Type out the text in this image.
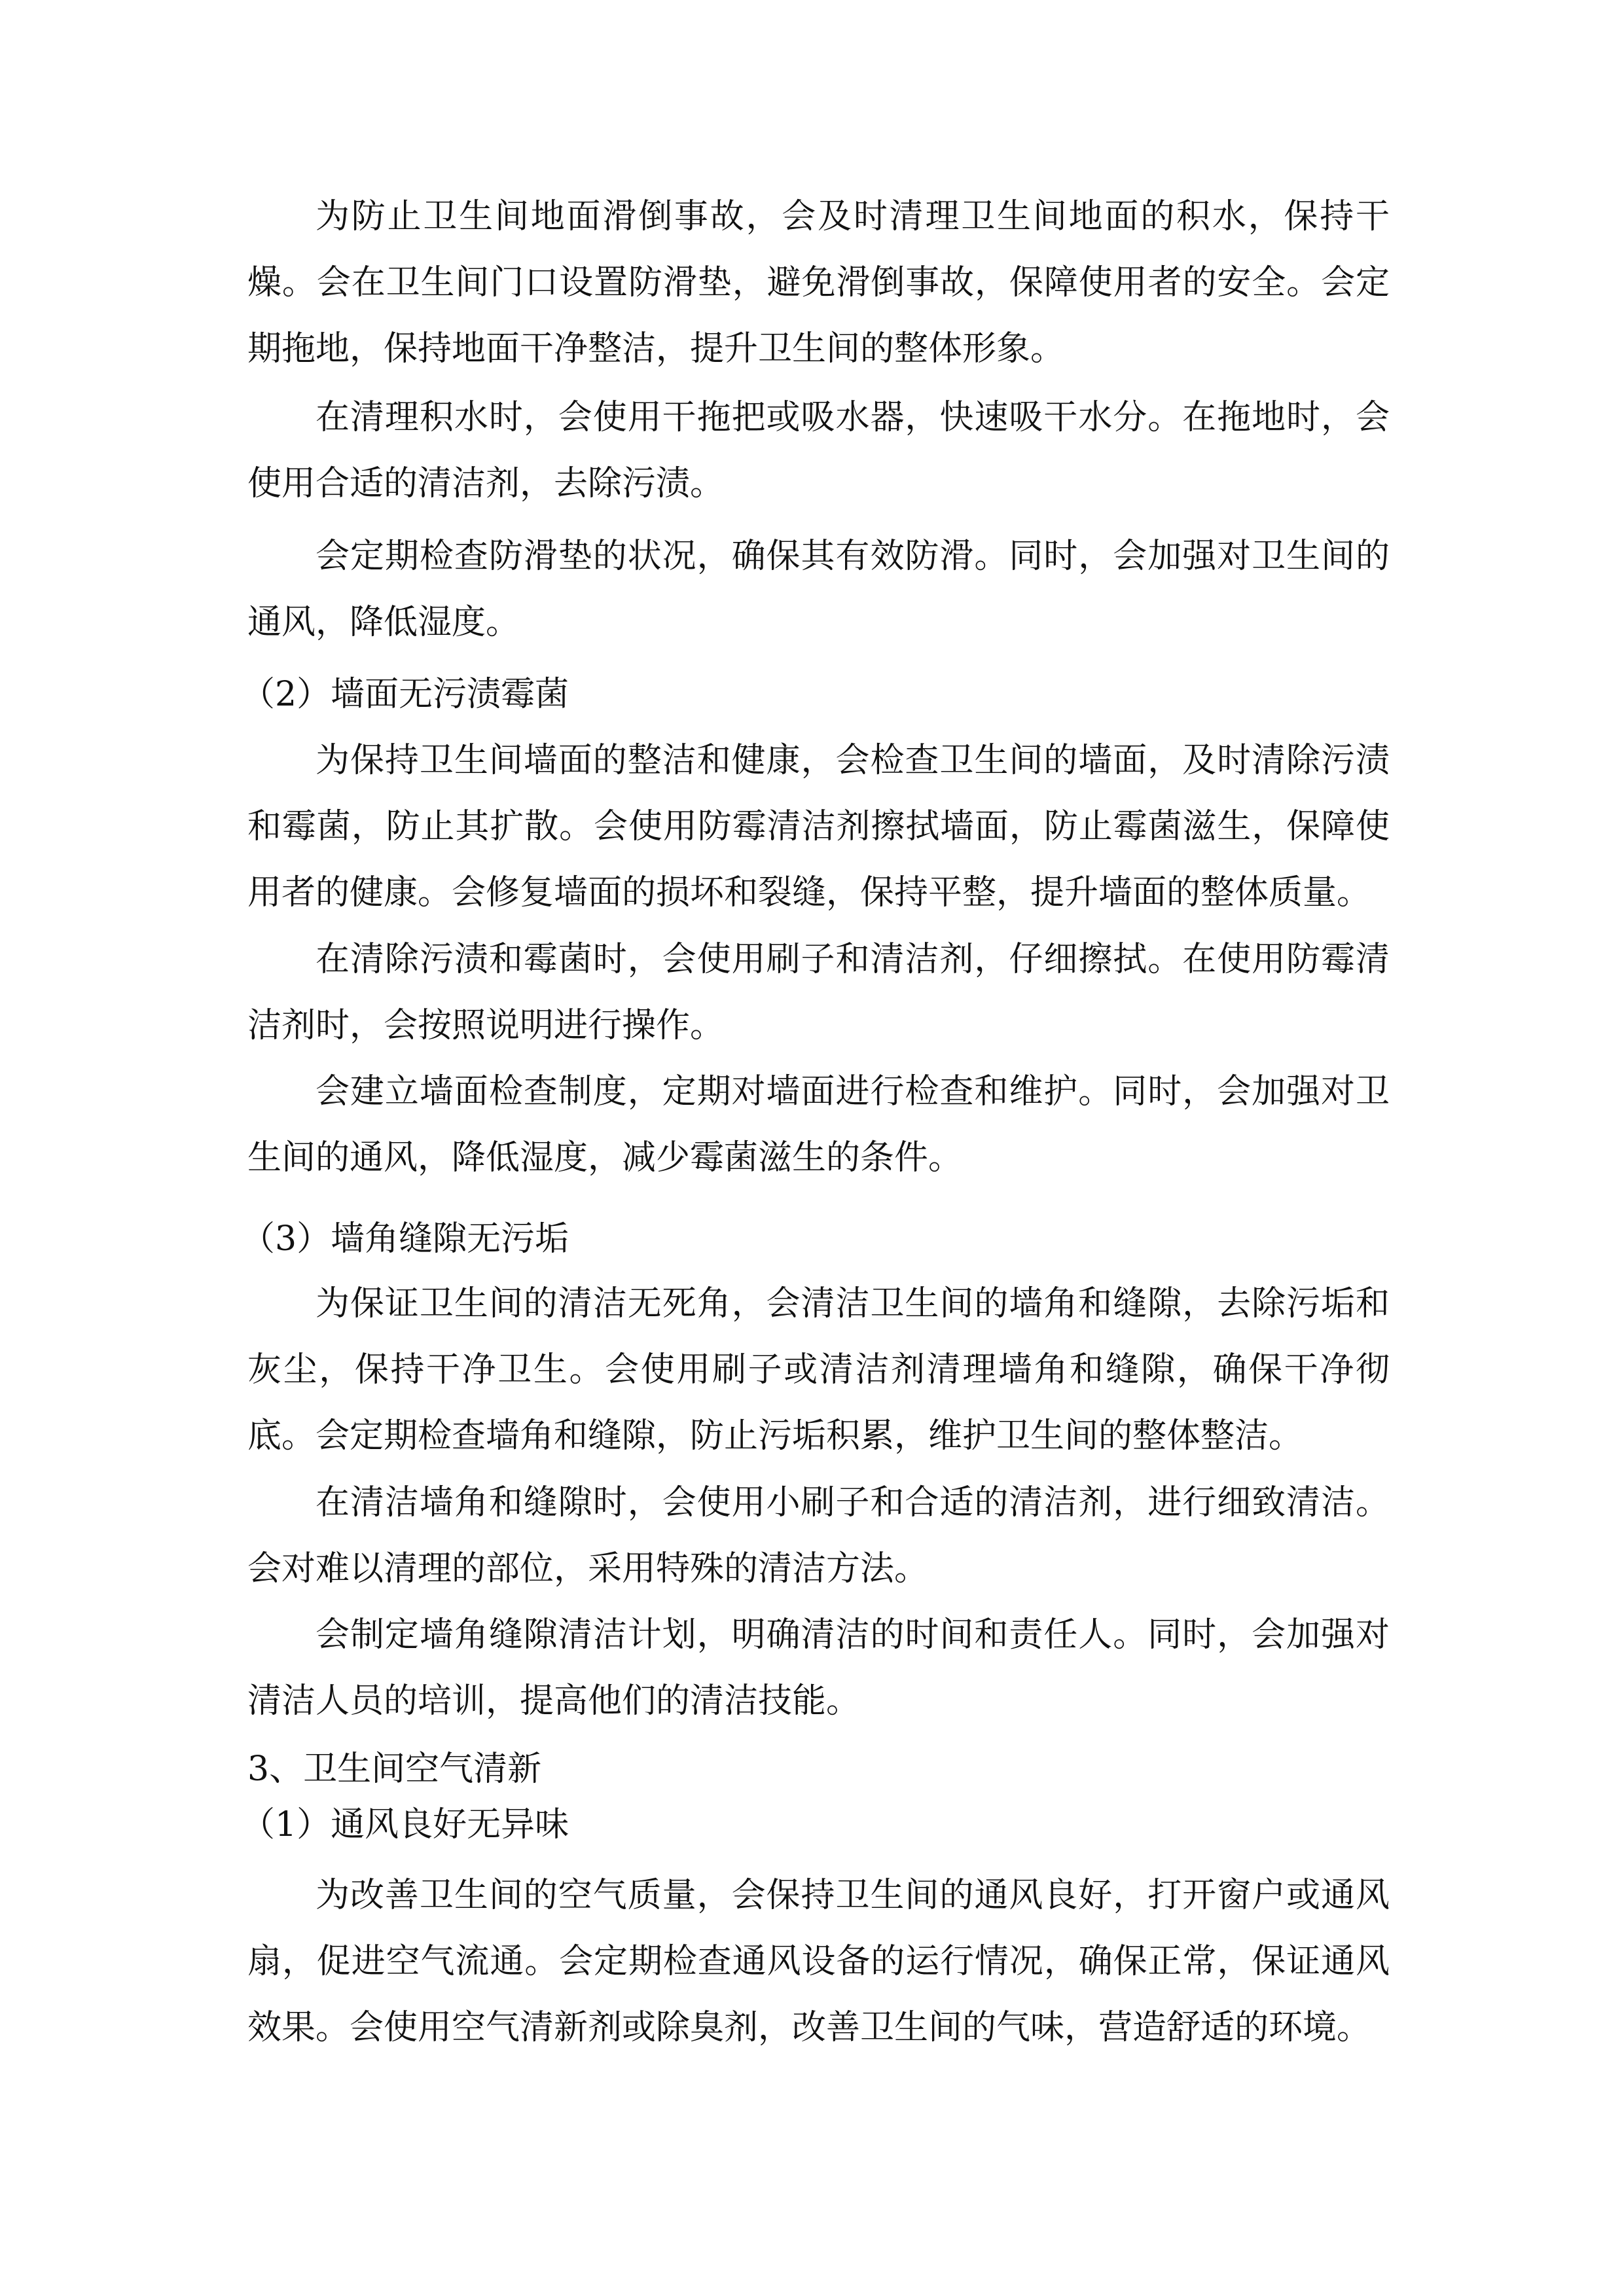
为防止卫生间地面滑倒事故，会及时清理卫生间地面的积水，保持干燥。会在卫生间门口设置防滑垫，避免滑倒事故，保障使用者的安全。会定期拖地，保持地面干净整洁，提升卫生间的整体形象。

在清理积水时，会使用干拖把或吸水器，快速吸干水分。在拖地时，会使用合适的清洁剂，去除污渍。

会定期检查防滑垫的状况，确保其有效防滑。同时，会加强对卫生间的通风，降低湿度。

（2）墙面无污渍霉菌

为保持卫生间墙面的整洁和健康，会检查卫生间的墙面，及时清除污渍和霉菌，防止其扩散。会使用防霉清洁剂擦拭墙面，防止霉菌滋生，保障使用者的健康。会修复墙面的损坏和裂缝，保持平整，提升墙面的整体质量。

在清除污渍和霉菌时，会使用刷子和清洁剂，仔细擦拭。在使用防霉清洁剂时，会按照说明进行操作。

会建立墙面检查制度，定期对墙面进行检查和维护。同时，会加强对卫生间的通风，降低湿度，减少霉菌滋生的条件。

（3）墙角缝隙无污垢

为保证卫生间的清洁无死角，会清洁卫生间的墙角和缝隙，去除污垢和灰尘，保持干净卫生。会使用刷子或清洁剂清理墙角和缝隙，确保干净彻底。会定期检查墙角和缝隙，防止污垢积累，维护卫生间的整体整洁。

在清洁墙角和缝隙时，会使用小刷子和合适的清洁剂，进行细致清洁。会对难以清理的部位，采用特殊的清洁方法。

会制定墙角缝隙清洁计划，明确清洁的时间和责任人。同时，会加强对清洁人员的培训，提高他们的清洁技能。

3、卫生间空气清新

（1）通风良好无异味

为改善卫生间的空气质量，会保持卫生间的通风良好，打开窗户或通风扇，促进空气流通。会定期检查通风设备的运行情况，确保正常，保证通风效果。会使用空气清新剂或除臭剂，改善卫生间的气味，营造舒适的环境。
